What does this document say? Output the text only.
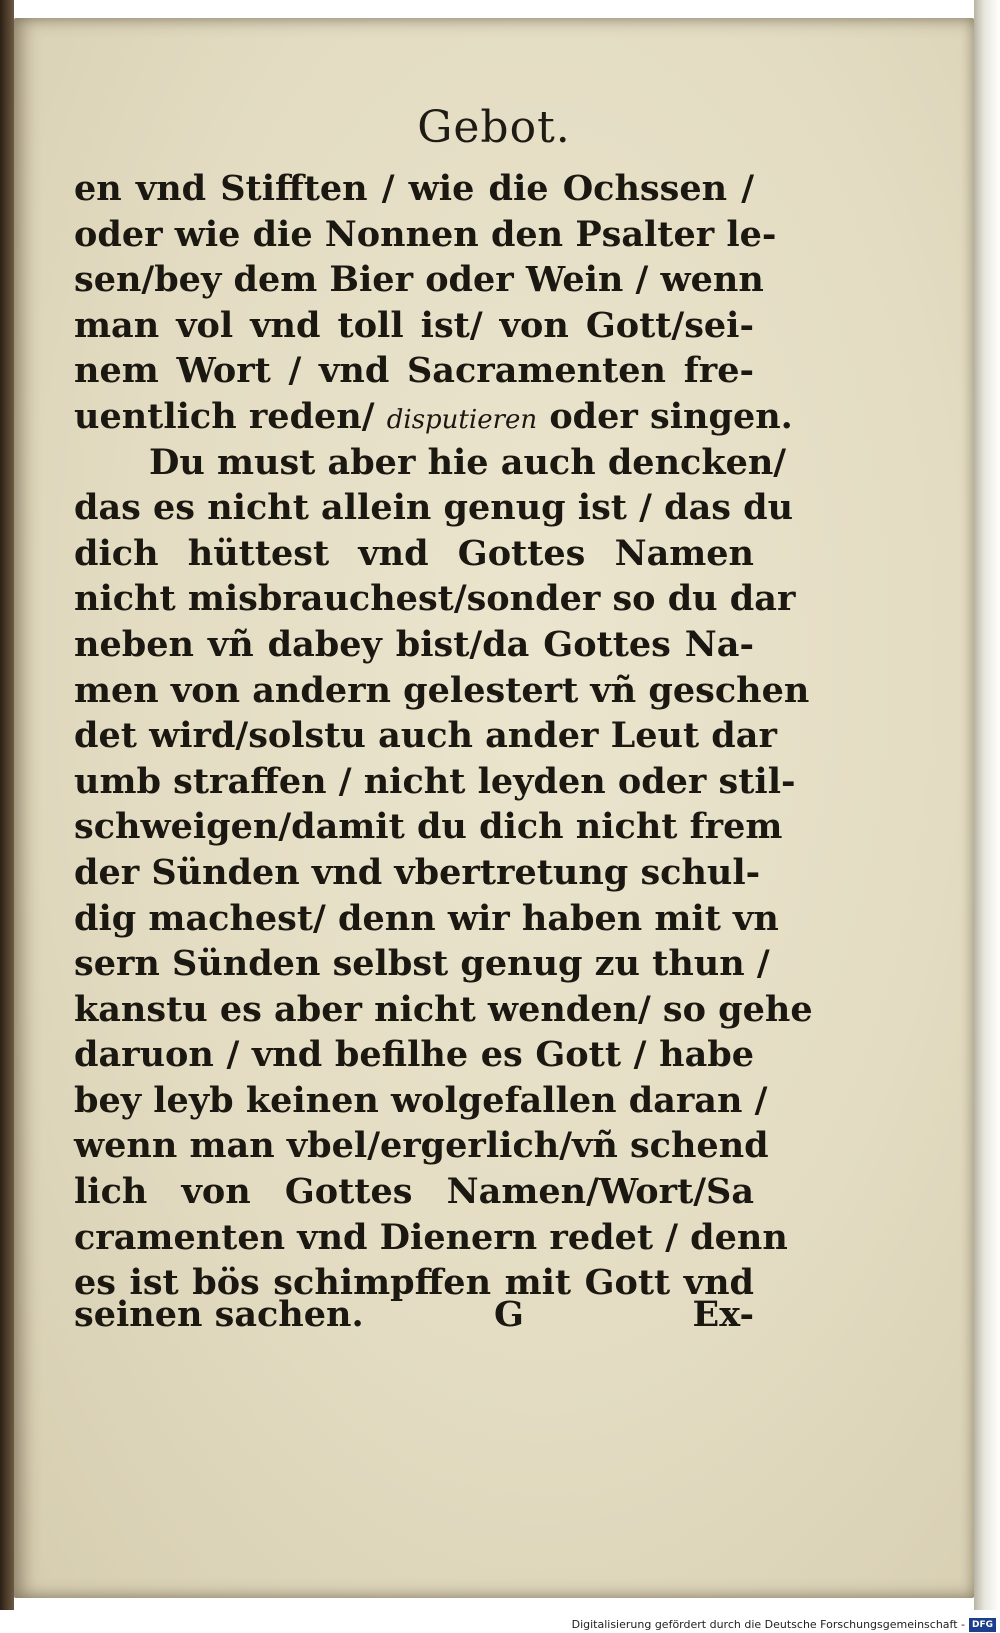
Gebot.
en vnd Stifften / wie die Ochssen /
oder wie die Nonnen den Psalter le-
sen/bey dem Bier oder Wein / wenn
man vol vnd toll ist/ von Gott/sei-
nem Wort / vnd Sacramenten fre-
uentlich reden/ disputieren oder singen.
Du must aber hie auch dencken/
das es nicht allein genug ist / das du
dich hüttest vnd Gottes Namen
nicht misbrauchest/sonder so du dar
neben vñ dabey bist/da Gottes Na-
men von andern gelestert vñ geschen
det wird/solstu auch ander Leut dar
umb straffen / nicht leyden oder stil-
schweigen/damit du dich nicht frem
der Sünden vnd vbertretung schul-
dig machest/ denn wir haben mit vn
sern Sünden selbst genug zu thun /
kanstu es aber nicht wenden/ so gehe
daruon / vnd befilhe es Gott / habe
bey leyb keinen wolgefallen daran /
wenn man vbel/ergerlich/vñ schend
lich von Gottes Namen/Wort/Sa
cramenten vnd Dienern redet / denn
es ist bös schimpffen mit Gott vnd
seinen sachen.	G	Ex-
Digitalisierung gefördert durch die Deutsche Forschungsgemeinschaft - DFG
